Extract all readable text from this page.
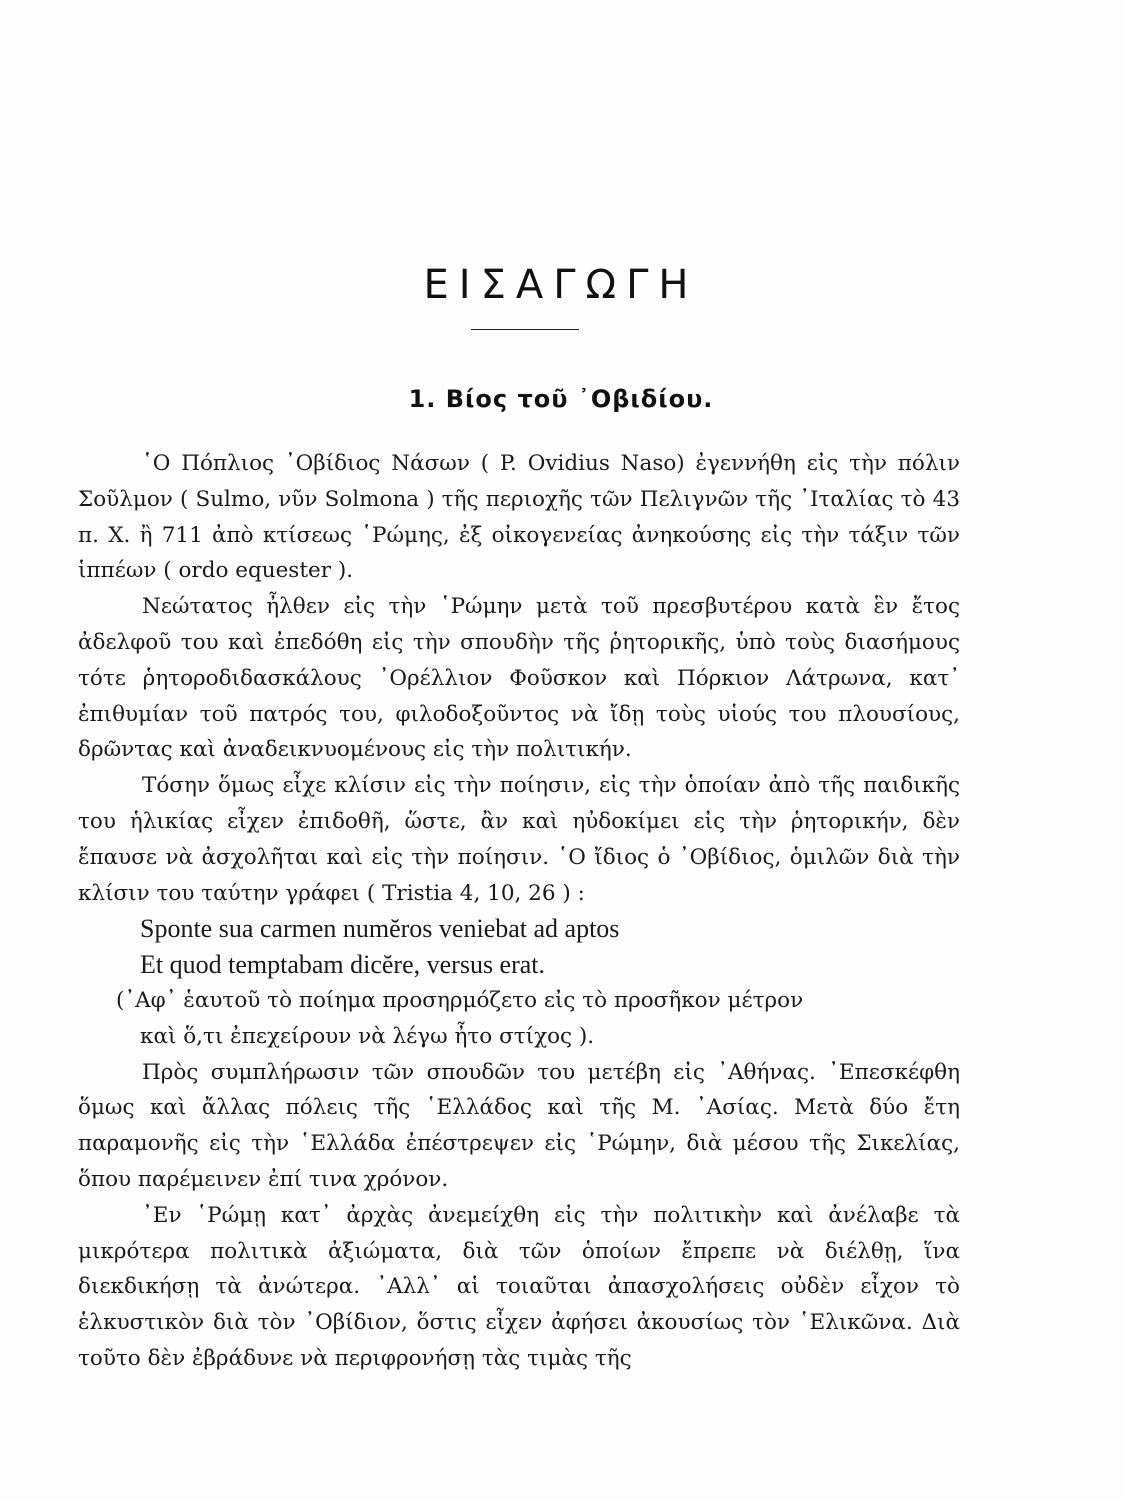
ΕΙΣΑΓΩΓΗ
1. Βίος τοῦ ᾿Οβιδίου.

῾Ο Πόπλιος ᾿Οβίδιος Νάσων ( P. Ovidius Naso) ἐγεννήθη εἰς τὴν πόλιν Σοῦλμον ( Sulmo, νῦν Solmona ) τῆς περιοχῆς τῶν Πελιγνῶν τῆς ᾿Ιταλίας τὸ 43 π. Χ. ἢ 711 ἀπὸ κτίσεως ῾Ρώμης, ἐξ οἰκογενείας ἀνηκούσης εἰς τὴν τάξιν τῶν ἱππέων ( ordo equester ).

Νεώτατος ἦλθεν εἰς τὴν ῾Ρώμην μετὰ τοῦ πρεσβυτέρου κατὰ ἓν ἔτος ἀδελφοῦ του καὶ ἐπεδόθη εἰς τὴν σπουδὴν τῆς ῥητορικῆς, ὑπὸ τοὺς διασήμους τότε ῥητοροδιδασκάλους ᾿Ορέλλιον Φοῦσκον καὶ Πόρκιον Λάτρωνα, κατ᾿ ἐπιθυμίαν τοῦ πατρός του, φιλοδοξοῦντος νὰ ἴδῃ τοὺς υἱούς του πλουσίους, δρῶντας καὶ ἀναδεικνυομένους εἰς τὴν πολιτικήν.

Τόσην ὅμως εἶχε κλίσιν εἰς τὴν ποίησιν, εἰς τὴν ὁποίαν ἀπὸ τῆς παιδικῆς του ἡλικίας εἶχεν ἐπιδοθῆ, ὥστε, ἂν καὶ ηὐδοκίμει εἰς τὴν ῥητορικήν, δὲν ἔπαυσε νὰ ἀσχολῆται καὶ εἰς τὴν ποίησιν. ῾Ο ἴδιος ὁ ᾿Οβίδιος, ὁμιλῶν διὰ τὴν κλίσιν του ταύτην γράφει ( Tristia 4, 10, 26 ) :

Sponte sua carmen numĕros veniebat ad aptos

Et quod temptabam dicĕre, versus erat.

(᾿Αφ᾿ ἑαυτοῦ τὸ ποίημα προσηρμόζετο εἰς τὸ προσῆκον μέτρον
καὶ ὅ,τι ἐπεχείρουν νὰ λέγω ἦτο στίχος ).

Πρὸς συμπλήρωσιν τῶν σπουδῶν του μετέβη εἰς ᾿Αθήνας. ᾿Επεσκέφθη ὅμως καὶ ἄλλας πόλεις τῆς ῾Ελλάδος καὶ τῆς Μ. ᾿Ασίας. Μετὰ δύο ἔτη παραμονῆς εἰς τὴν ῾Ελλάδα ἐπέστρεψεν εἰς ῾Ρώμην, διὰ μέσου τῆς Σικελίας, ὅπου παρέμεινεν ἐπί τινα χρόνον.

᾿Εν ῾Ρώμῃ κατ᾿ ἀρχὰς ἀνεμείχθη εἰς τὴν πολιτικὴν καὶ ἀνέλαβε τὰ μικρότερα πολιτικὰ ἀξιώματα, διὰ τῶν ὁποίων ἔπρεπε νὰ διέλθῃ, ἵνα διεκδικήσῃ τὰ ἀνώτερα. ᾿Αλλ᾿ αἱ τοιαῦται ἀπασχολήσεις οὐδὲν εἶχον τὸ ἑλκυστικὸν διὰ τὸν ᾿Οβίδιον, ὅστις εἶχεν ἀφήσει ἀκουσίως τὸν ῾Ελικῶνα. Διὰ τοῦτο δὲν ἐβράδυνε νὰ περιφρονήσῃ τὰς τιμὰς τῆς
